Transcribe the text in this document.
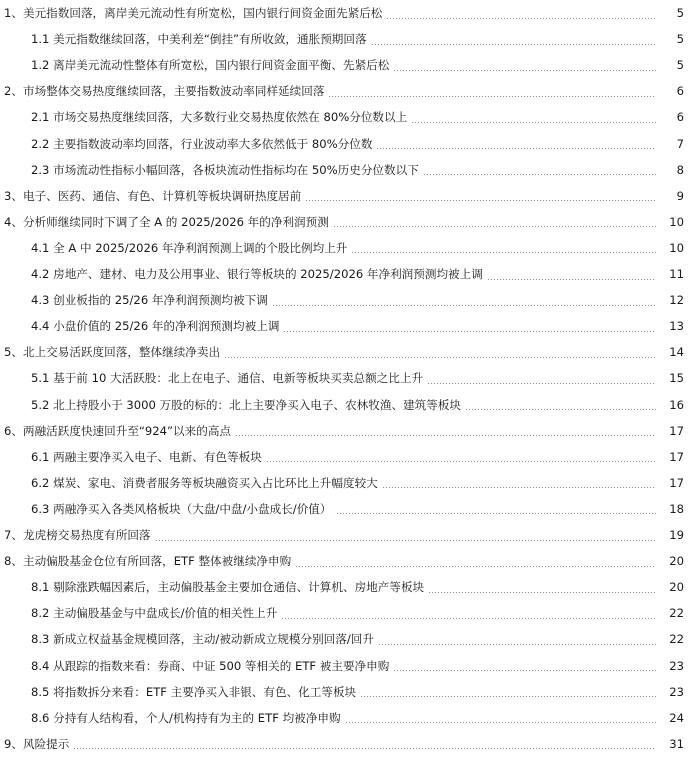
1、美元指数回落，离岸美元流动性有所宽松，国内银行间资金面先紧后松	5
1.1 美元指数继续回落，中美利差“倒挂”有所收敛，通胀预期回落	5
1.2 离岸美元流动性整体有所宽松，国内银行间资金面平衡、先紧后松	5
2、市场整体交易热度继续回落，主要指数波动率同样延续回落	6
2.1 市场交易热度继续回落，大多数行业交易热度依然在 80%分位数以上	6
2.2 主要指数波动率均回落，行业波动率大多依然低于 80%分位数	7
2.3 市场流动性指标小幅回落，各板块流动性指标均在 50%历史分位数以下	8
3、电子、医药、通信、有色、计算机等板块调研热度居前	9
4、分析师继续同时下调了全 A 的 2025/2026 年的净利润预测	10
4.1 全 A 中 2025/2026 年净利润预测上调的个股比例均上升	10
4.2 房地产、建材、电力及公用事业、银行等板块的 2025/2026 年净利润预测均被上调	11
4.3 创业板指的 25/26 年净利润预测均被下调	12
4.4 小盘价值的 25/26 年的净利润预测均被上调	13
5、北上交易活跃度回落，整体继续净卖出	14
5.1 基于前 10 大活跃股：北上在电子、通信、电新等板块买卖总额之比上升	15
5.2 北上持股小于 3000 万股的标的：北上主要净买入电子、农林牧渔、建筑等板块	16
6、两融活跃度快速回升至“924”以来的高点	17
6.1 两融主要净买入电子、电新、有色等板块	17
6.2 煤炭、家电、消费者服务等板块融资买入占比环比上升幅度较大	17
6.3 两融净买入各类风格板块（大盘/中盘/小盘成长/价值）	18
7、龙虎榜交易热度有所回落	19
8、主动偏股基金仓位有所回落，ETF 整体被继续净申购	20
8.1 剔除涨跌幅因素后，主动偏股基金主要加仓通信、计算机、房地产等板块	20
8.2 主动偏股基金与中盘成长/价值的相关性上升	22
8.3 新成立权益基金规模回落，主动/被动新成立规模分别回落/回升	22
8.4 从跟踪的指数来看：券商、中证 500 等相关的 ETF 被主要净申购	23
8.5 将指数拆分来看：ETF 主要净买入非银、有色、化工等板块	23
8.6 分持有人结构看，个人/机构持有为主的 ETF 均被净申购	24
9、风险提示	31
